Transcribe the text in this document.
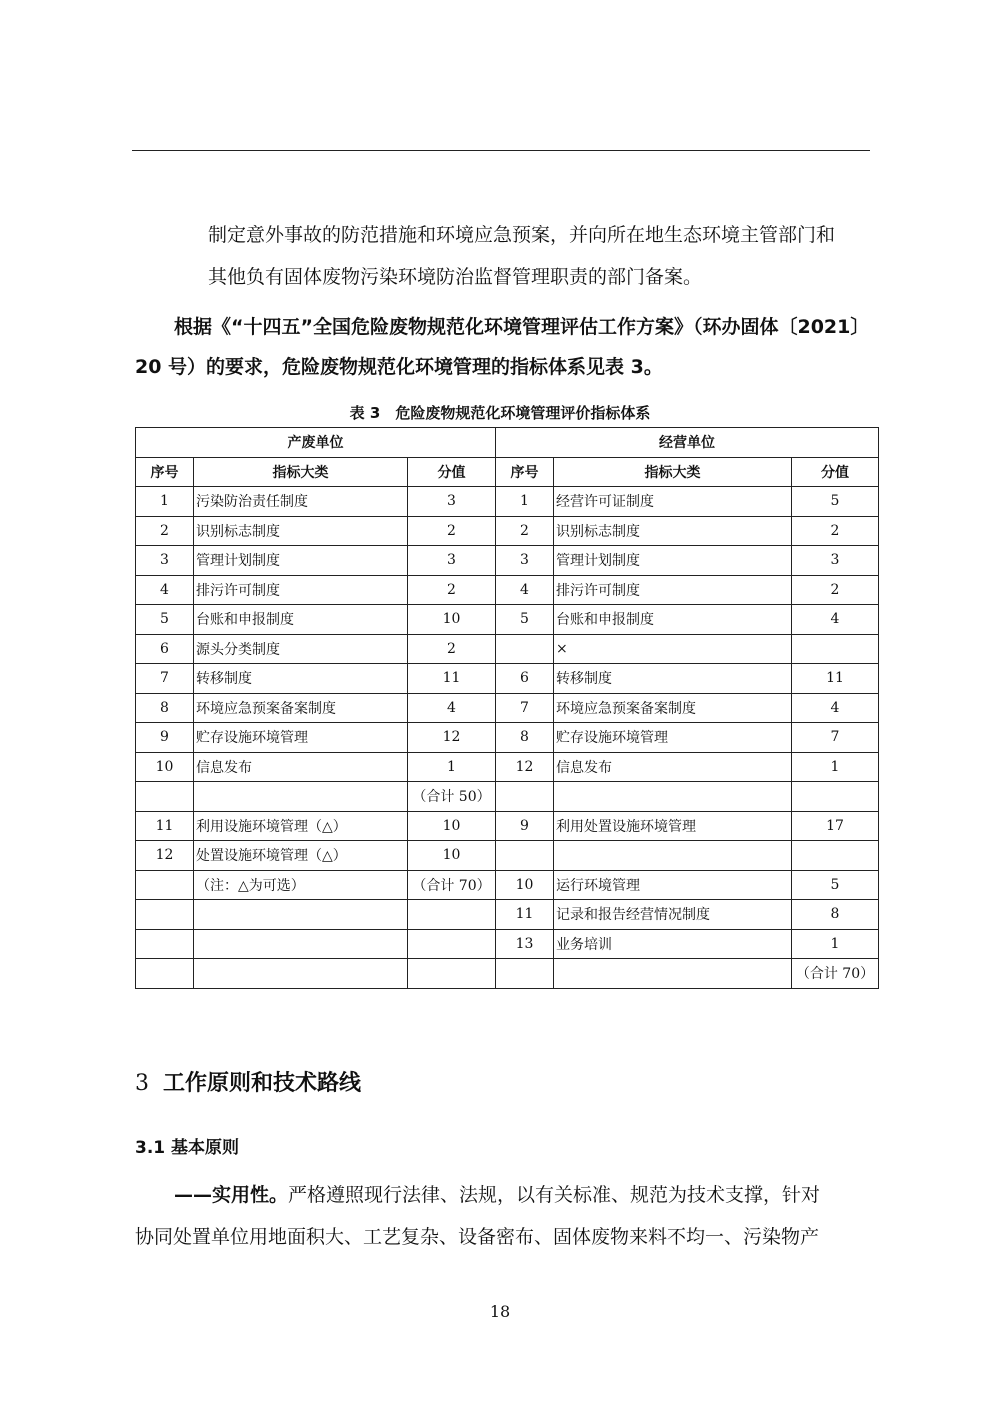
制定意外事故的防范措施和环境应急预案，并向所在地生态环境主管部门和
其他负有固体废物污染环境防治监督管理职责的部门备案。
根据《“十四五”全国危险废物规范化环境管理评估工作方案》（环办固体〔2021〕
20 号）的要求，危险废物规范化环境管理的指标体系见表 3。
表 3　危险废物规范化环境管理评价指标体系
产废单位			经营单位		
序号	指标大类	分值	序号	指标大类	分值
1	污染防治责任制度	3	1	经营许可证制度	5
2	识别标志制度	2	2	识别标志制度	2
3	管理计划制度	3	3	管理计划制度	3
4	排污许可制度	2	4	排污许可制度	2
5	台账和申报制度	10	5	台账和申报制度	4
6	源头分类制度	2		×	
7	转移制度	11	6	转移制度	11
8	环境应急预案备案制度	4	7	环境应急预案备案制度	4
9	贮存设施环境管理	12	8	贮存设施环境管理	7
10	信息发布	1	12	信息发布	1
		（合计 50）			
11	利用设施环境管理（△）	10	9	利用处置设施环境管理	17
12	处置设施环境管理（△）	10			
	（注：△为可选）	（合计 70）	10	运行环境管理	5
			11	记录和报告经营情况制度	8
			13	业务培训	1
					（合计 70）
3 工作原则和技术路线
3.1 基本原则
——实用性。严格遵照现行法律、法规，以有关标准、规范为技术支撑，针对
协同处置单位用地面积大、工艺复杂、设备密布、固体废物来料不均一、污染物产
18
